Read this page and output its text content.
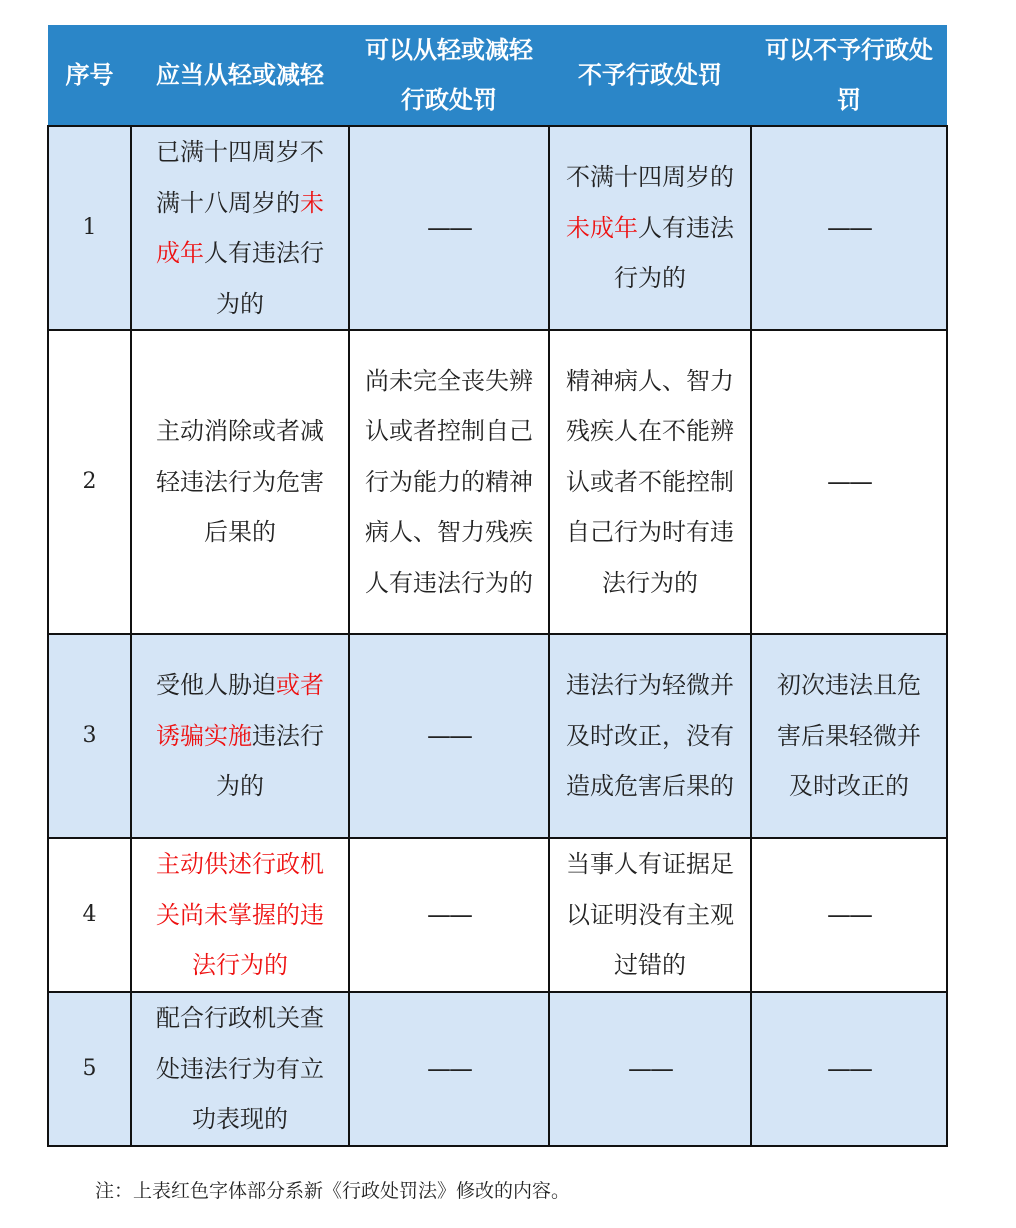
序号	应当从轻或减轻	可以从轻或减轻行政处罚	不予行政处罚	可以不予行政处罚
1	已满十四周岁不满十八周岁的未成年人有违法行为的	——	不满十四周岁的未成年人有违法行为的	——
2	主动消除或者减轻违法行为危害后果的	尚未完全丧失辨认或者控制自己行为能力的精神病人、智力残疾人有违法行为的	精神病人、智力残疾人在不能辨认或者不能控制自己行为时有违法行为的	——
3	受他人胁迫或者诱骗实施违法行为的	——	违法行为轻微并及时改正，没有造成危害后果的	初次违法且危害后果轻微并及时改正的
4	主动供述行政机关尚未掌握的违法行为的	——	当事人有证据足以证明没有主观过错的	——
5	配合行政机关查处违法行为有立功表现的	——	——	——
注：上表红色字体部分系新《行政处罚法》修改的内容。
